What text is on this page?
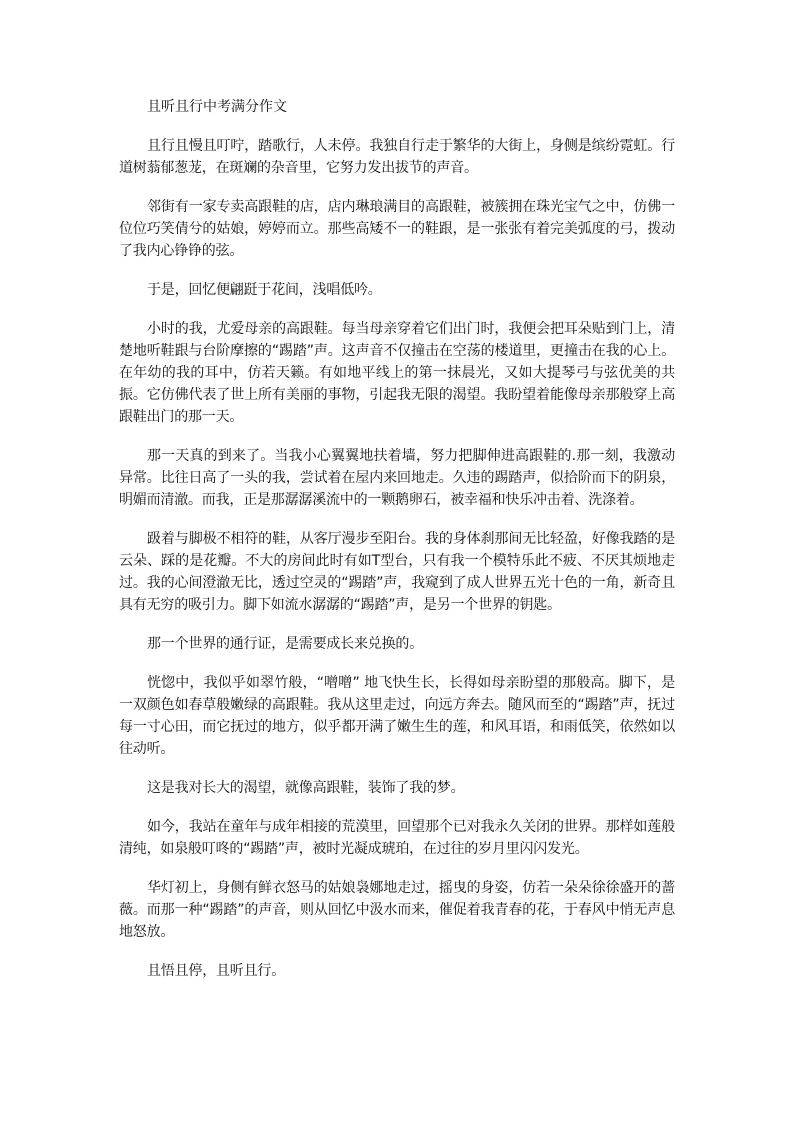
且听且行中考满分作文
且行且慢且叮咛，踏歌行，人未停。我独自行走于繁华的大街上，身侧是缤纷霓虹。行道树蓊郁葱茏，在斑斓的杂音里，它努力发出拔节的声音。
邻街有一家专卖高跟鞋的店，店内琳琅满目的高跟鞋，被簇拥在珠光宝气之中，仿佛一位位巧笑倩兮的姑娘，婷婷而立。那些高矮不一的鞋跟，是一张张有着完美弧度的弓，拨动了我内心铮铮的弦。
于是，回忆便翩跹于花间，浅唱低吟。
小时的我，尤爱母亲的高跟鞋。每当母亲穿着它们出门时，我便会把耳朵贴到门上，清楚地听鞋跟与台阶摩擦的“踢踏”声。这声音不仅撞击在空荡的楼道里，更撞击在我的心上。在年幼的我的耳中，仿若天籁。有如地平线上的第一抹晨光，又如大提琴弓与弦优美的共振。它仿佛代表了世上所有美丽的事物，引起我无限的渴望。我盼望着能像母亲那般穿上高跟鞋出门的那一天。
那一天真的到来了。当我小心翼翼地扶着墙，努力把脚伸进高跟鞋的.那一刻，我激动异常。比往日高了一头的我，尝试着在屋内来回地走。久违的踢踏声，似拾阶而下的阴泉，明媚而清澈。而我，正是那潺潺溪流中的一颗鹅卵石，被幸福和快乐冲击着、洗涤着。
趿着与脚极不相符的鞋，从客厅漫步至阳台。我的身体刹那间无比轻盈，好像我踏的是云朵、踩的是花瓣。不大的房间此时有如T型台，只有我一个模特乐此不疲、不厌其烦地走过。我的心间澄澈无比，透过空灵的“踢踏”声，我窥到了成人世界五光十色的一角，新奇且具有无穷的吸引力。脚下如流水潺潺的“踢踏”声，是另一个世界的钥匙。
那一个世界的通行证，是需要成长来兑换的。
恍惚中，我似乎如翠竹般，“噌噌” 地飞快生长，长得如母亲盼望的那般高。脚下，是一双颜色如春草般嫩绿的高跟鞋。我从这里走过，向远方奔去。随风而至的“踢踏”声，抚过每一寸心田，而它抚过的地方，似乎都开满了嫩生生的莲，和风耳语，和雨低笑，依然如以往动听。
这是我对长大的渴望，就像高跟鞋，装饰了我的梦。
如今，我站在童年与成年相接的荒漠里，回望那个已对我永久关闭的世界。那样如莲般清纯，如泉般叮咚的“踢踏”声，被时光凝成琥珀，在过往的岁月里闪闪发光。
华灯初上，身侧有鲜衣怒马的姑娘袅娜地走过，摇曳的身姿，仿若一朵朵徐徐盛开的蔷薇。而那一种“踢踏”的声音，则从回忆中汲水而来，催促着我青春的花，于春风中悄无声息地怒放。
且悟且停，且听且行。
